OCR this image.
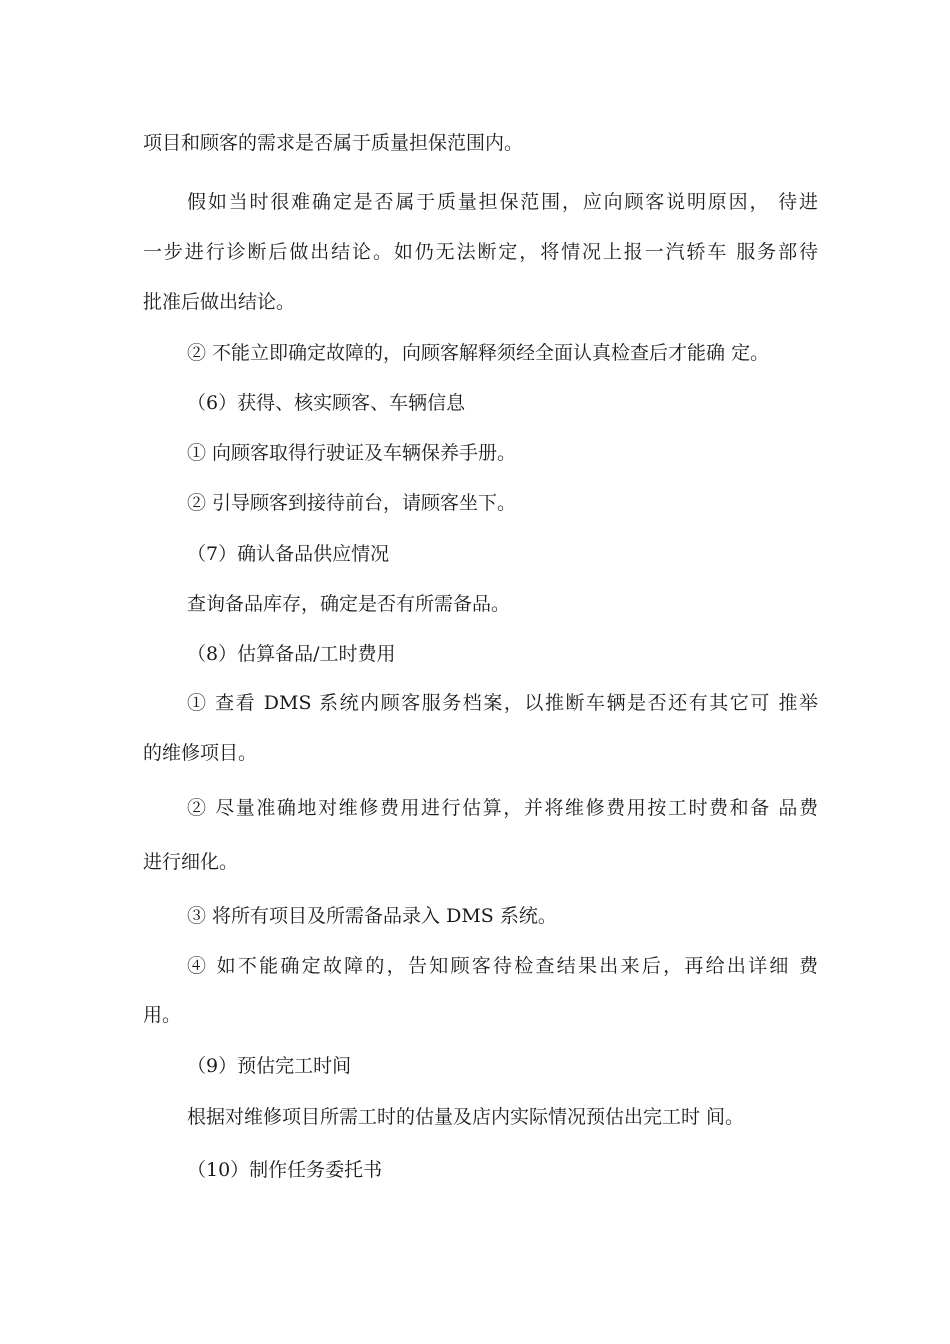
项目和顾客的需求是否属于质量担保范围内。
假如当时很难确定是否属于质量担保范围，应向顾客说明原因， 待进
一步进行诊断后做出结论。如仍无法断定，将情况上报一汽轿车 服务部待
批准后做出结论。
② 不能立即确定故障的，向顾客解释须经全面认真检查后才能确 定。
（6）获得、核实顾客、车辆信息
① 向顾客取得行驶证及车辆保养手册。
② 引导顾客到接待前台，请顾客坐下。
（7）确认备品供应情况
查询备品库存，确定是否有所需备品。
（8）估算备品/工时费用
① 查看 DMS 系统内顾客服务档案，以推断车辆是否还有其它可 推举
的维修项目。
② 尽量准确地对维修费用进行估算，并将维修费用按工时费和备 品费
进行细化。
③ 将所有项目及所需备品录入 DMS 系统。
④ 如不能确定故障的，告知顾客待检查结果出来后，再给出详细 费
用。
（9）预估完工时间
根据对维修项目所需工时的估量及店内实际情况预估出完工时 间。
（10）制作任务委托书
